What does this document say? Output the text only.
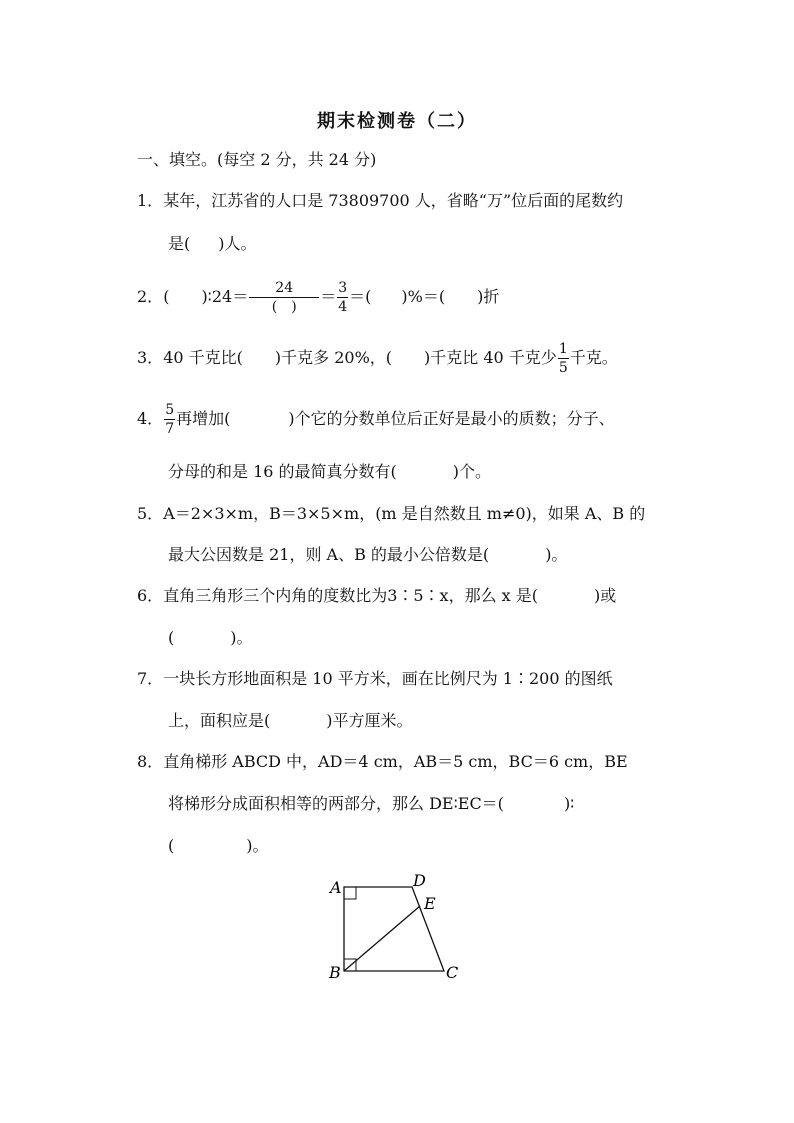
期末检测卷（二）
一、填空。(每空 2 分，共 24 分)
1．某年，江苏省的人口是 73809700 人，省略“万”位后面的尾数约
是( )人。
2．( )∶24＝ $\frac{24}{( )} = \frac{3}{4}$ ＝( )%＝( )折
3．40 千克比( )千克多 20%，( )千克比 40 千克少 $\frac{1}{5}$ 千克。
4． $\frac{5}{7}$ 再增加(	)个它的分数单位后正好是最小的质数；分子、
分母的和是 16 的最简真分数有(	)个。
5．A＝2×3×m，B＝3×5×m，(m 是自然数且 m≠0)，如果 A、B 的
最大公因数是 21，则 A、B 的最小公倍数是(	)。
6．直角三角形三个内角的度数比为3∶5∶x，那么 x 是(	)或
(	)。
7．一块长方形地面积是 10 平方米，画在比例尺为 1∶200 的图纸
上，面积应是(	)平方厘米。
8．直角梯形 ABCD 中，AD＝4 cm，AB＝5 cm，BC＝6 cm，BE
将梯形分成面积相等的两部分，那么 DE∶EC＝(	)∶
(	)。
A	D
E
B	C
